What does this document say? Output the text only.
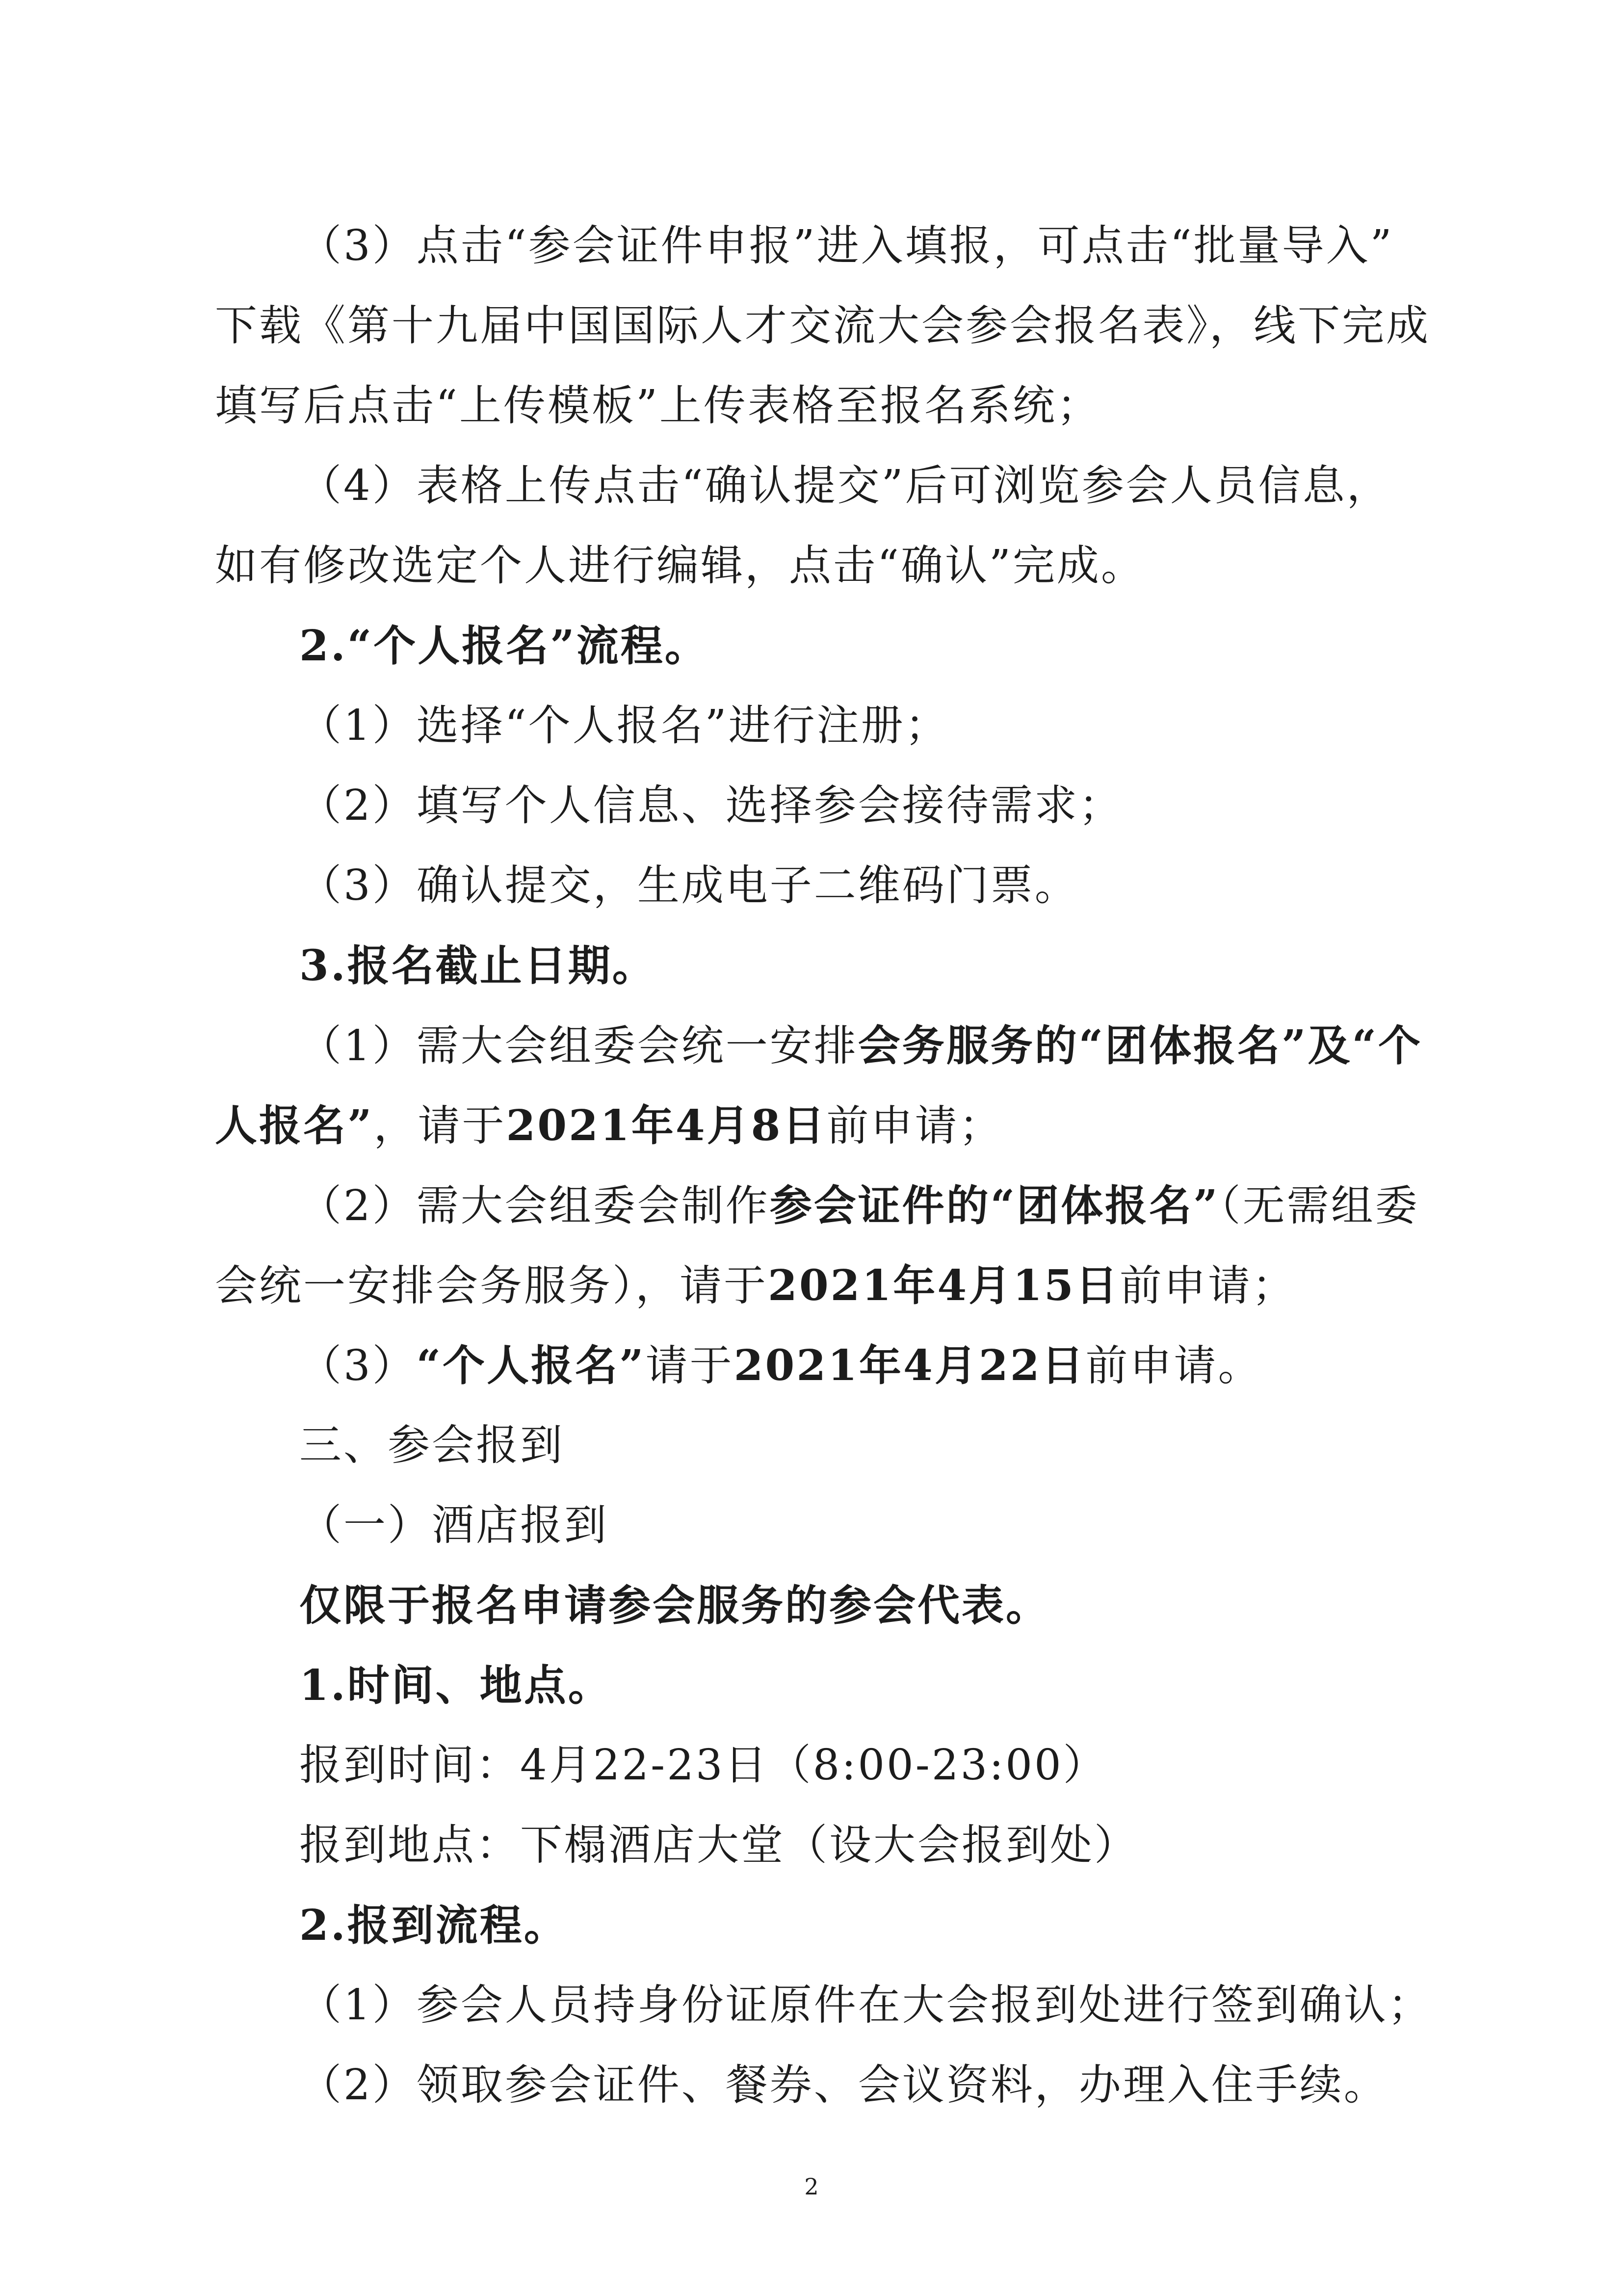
（3）点击“参会证件申报”进入填报，可点击“批量导入”
下载《第十九届中国国际人才交流大会参会报名表》，线下完成
填写后点击“上传模板”上传表格至报名系统；
（4）表格上传点击“确认提交”后可浏览参会人员信息，
如有修改选定个人进行编辑，点击“确认”完成。
2.“个人报名”流程。
（1）选择“个人报名”进行注册；
（2）填写个人信息、选择参会接待需求；
（3）确认提交，生成电子二维码门票。
3.报名截止日期。
（1）需大会组委会统一安排会务服务的“团体报名”及“个
人报名”，请于2021年4月8日前申请；
（2）需大会组委会制作参会证件的“团体报名”（无需组委
会统一安排会务服务），请于2021年4月15日前申请；
（3）“个人报名”请于2021年4月22日前申请。
三、参会报到
（一）酒店报到
仅限于报名申请参会服务的参会代表。
1.时间、地点。
报到时间：4月22-23日（8:00-23:00）
报到地点：下榻酒店大堂（设大会报到处）
2.报到流程。
（1）参会人员持身份证原件在大会报到处进行签到确认；
（2）领取参会证件、餐券、会议资料，办理入住手续。
2
